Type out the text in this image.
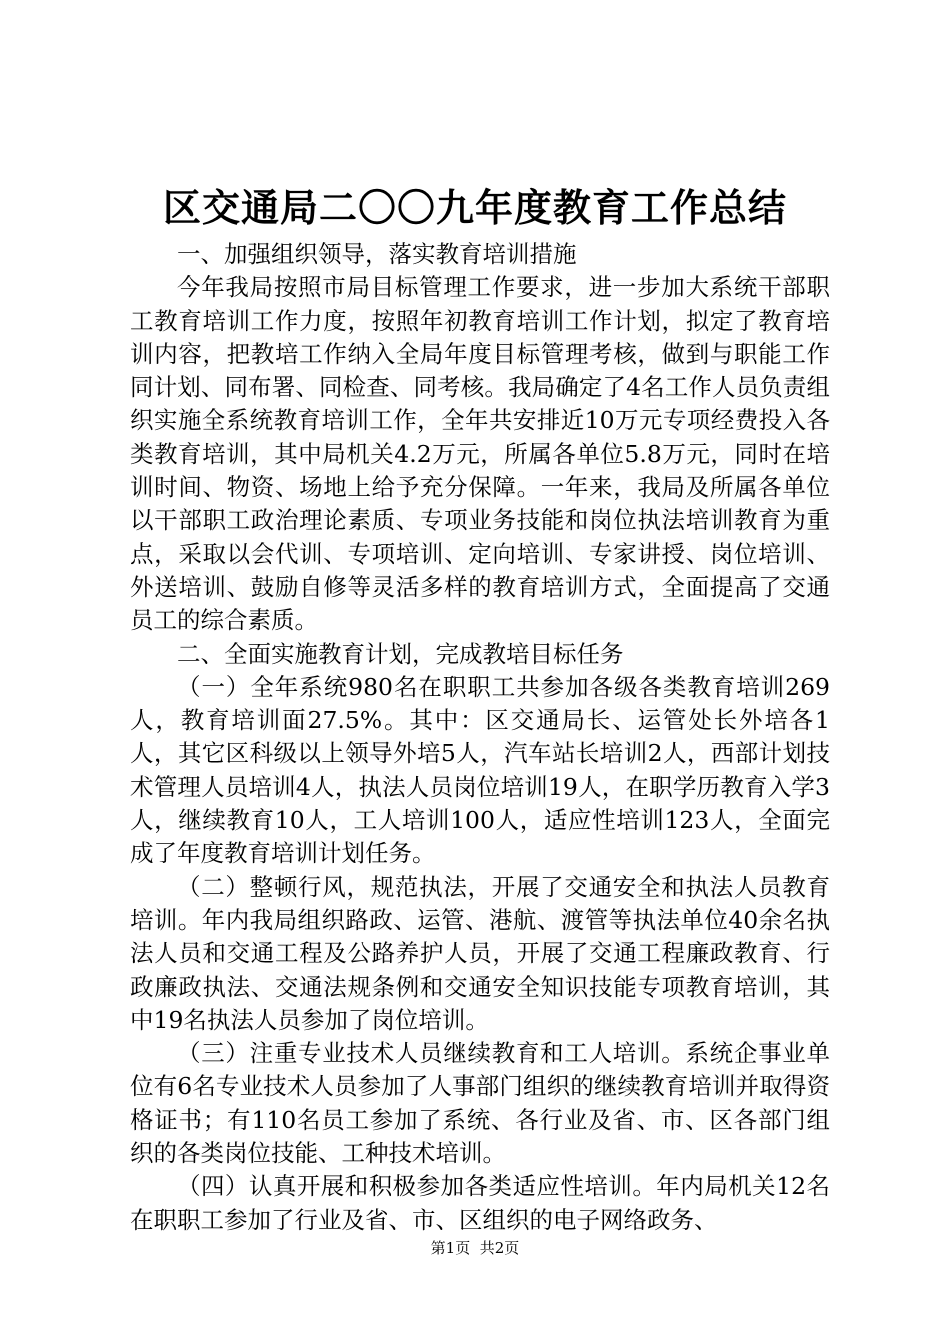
区交通局二〇〇九年度教育工作总结

一、加强组织领导，落实教育培训措施

今年我局按照市局目标管理工作要求，进一步加大系统干部职工教育培训工作力度，按照年初教育培训工作计划，拟定了教育培训内容，把教培工作纳入全局年度目标管理考核，做到与职能工作同计划、同布署、同检查、同考核。我局确定了4名工作人员负责组织实施全系统教育培训工作，全年共安排近10万元专项经费投入各类教育培训，其中局机关4.2万元，所属各单位5.8万元，同时在培训时间、物资、场地上给予充分保障。一年来，我局及所属各单位以干部职工政治理论素质、专项业务技能和岗位执法培训教育为重点，采取以会代训、专项培训、定向培训、专家讲授、岗位培训、外送培训、鼓励自修等灵活多样的教育培训方式，全面提高了交通员工的综合素质。

二、全面实施教育计划，完成教培目标任务

（一）全年系统980名在职职工共参加各级各类教育培训269人，教育培训面27.5%。其中：区交通局长、运管处长外培各1人，其它区科级以上领导外培5人，汽车站长培训2人，西部计划技术管理人员培训4人，执法人员岗位培训19人，在职学历教育入学3人，继续教育10人，工人培训100人，适应性培训123人，全面完成了年度教育培训计划任务。

（二）整顿行风，规范执法，开展了交通安全和执法人员教育培训。年内我局组织路政、运管、港航、渡管等执法单位40余名执法人员和交通工程及公路养护人员，开展了交通工程廉政教育、行政廉政执法、交通法规条例和交通安全知识技能专项教育培训，其中19名执法人员参加了岗位培训。

（三）注重专业技术人员继续教育和工人培训。系统企事业单位有6名专业技术人员参加了人事部门组织的继续教育培训并取得资格证书；有110名员工参加了系统、各行业及省、市、区各部门组织的各类岗位技能、工种技术培训。

（四）认真开展和积极参加各类适应性培训。年内局机关12名在职职工参加了行业及省、市、区组织的电子网络政务、

第1页 共2页
